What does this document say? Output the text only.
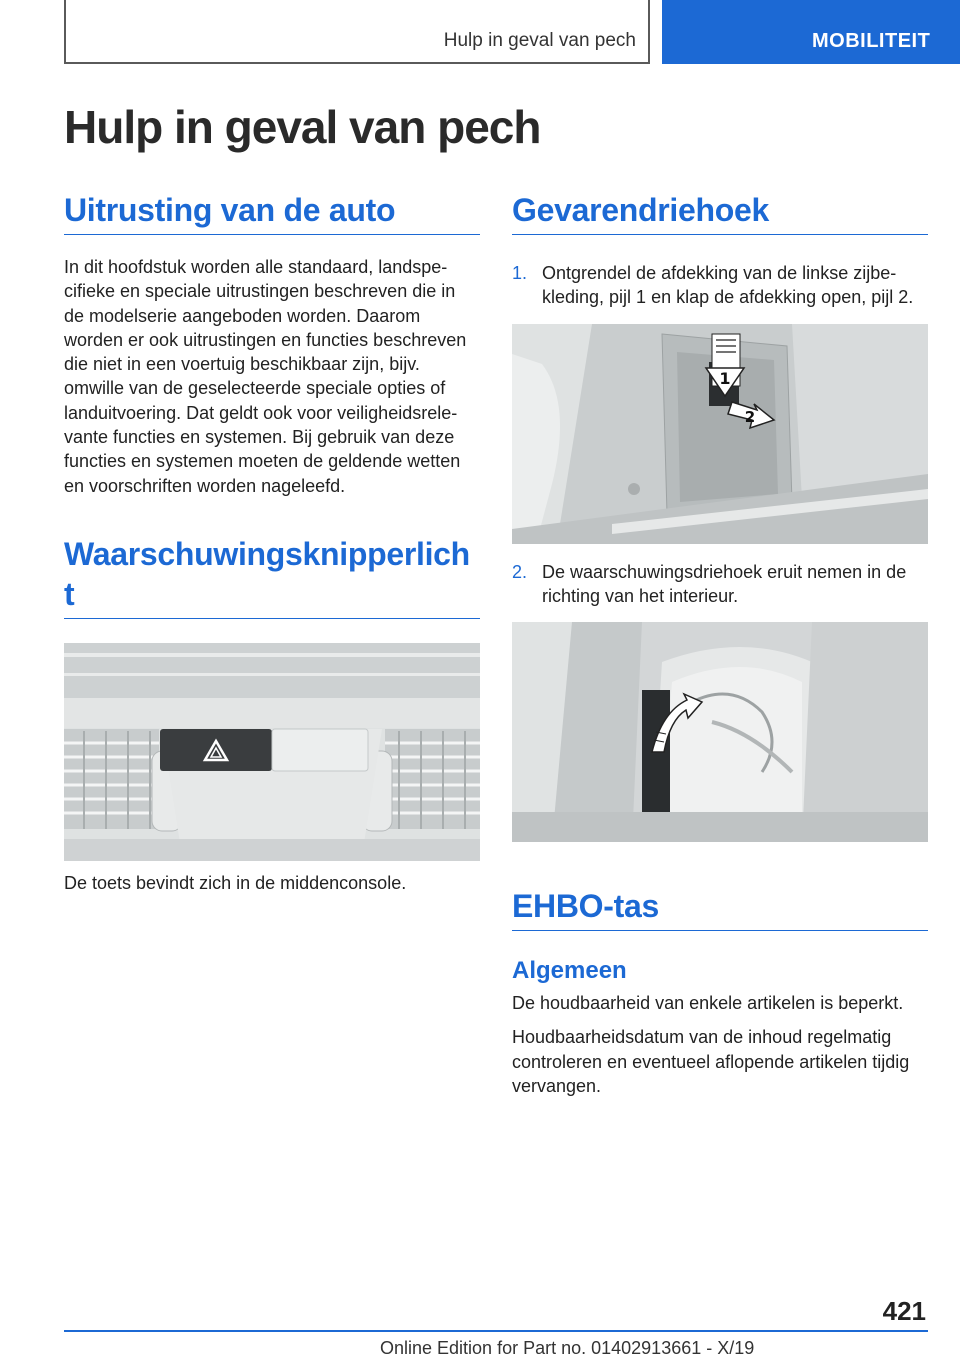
Hulp in geval van pech	MOBILITEIT
Hulp in geval van pech
Uitrusting van de auto

In dit hoofdstuk worden alle standaard, landspecifieke en speciale uitrustingen beschreven die in de modelserie aangeboden worden. Daarom worden er ook uitrustingen en functies beschreven die niet in een voertuig beschikbaar zijn, bijv. omwille van de geselecteerde speciale opties of landuitvoering. Dat geldt ook voor veiligheidsrelevante functies en systemen. Bij gebruik van deze functies en systemen moeten de geldende wetten en voorschriften worden nageleefd.

Waarschuwingsknipperlicht

De toets bevindt zich in de middenconsole.

Gevarendriehoek
1. Ontgrendel de afdekking van de linkse zijbekleding, pijl 1 en klap de afdekking open, pijl 2.
1
2
2. De waarschuwingsdriehoek eruit nemen in de richting van het interieur.
EHBO-tas
Algemeen

De houdbaarheid van enkele artikelen is beperkt.

Houdbaarheidsdatum van de inhoud regelmatig controleren en eventueel aflopende artikelen tijdig vervangen.

421
Online Edition for Part no. 01402913661 - X/19
